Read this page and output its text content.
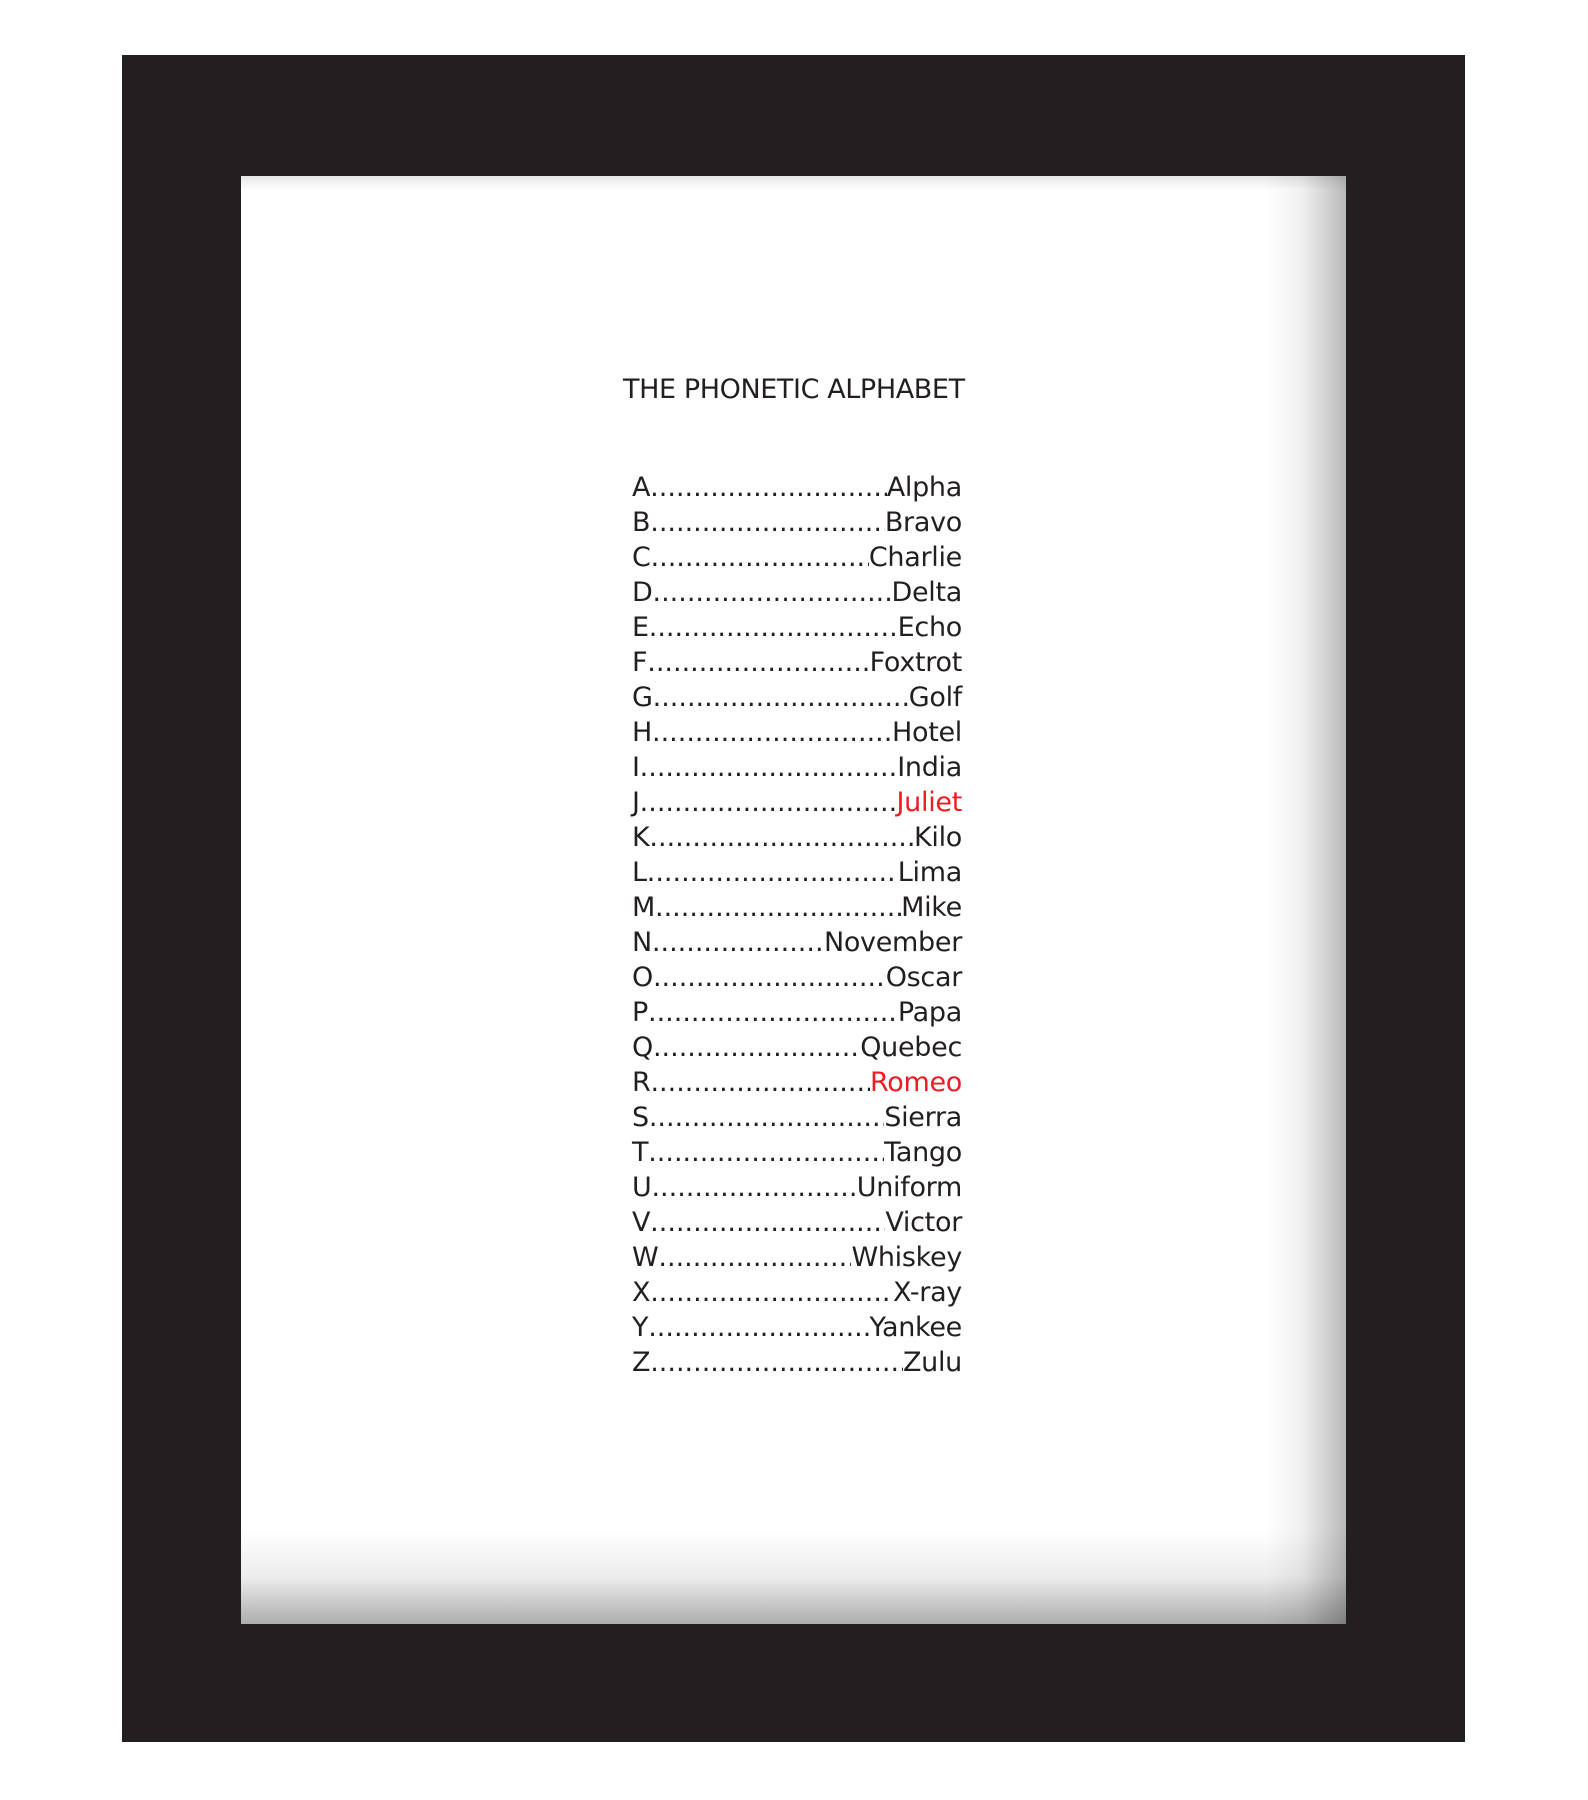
THE PHONETIC ALPHABET
A .....	Alpha
B .....	Bravo
C .....	Charlie
D .....	Delta
E .....	Echo
F .....	Foxtrot
G .....	Golf
H .....	Hotel
I .....	India
J .....	Juliet
K .....	Kilo
L .....	Lima
M .....	Mike
N .....	November
O .....	Oscar
P .....	Papa
Q .....	Quebec
R .....	Romeo
S .....	Sierra
T .....	Tango
U .....	Uniform
V .....	Victor
W .....	Whiskey
X .....	X-ray
Y .....	Yankee
Z .....	Zulu
